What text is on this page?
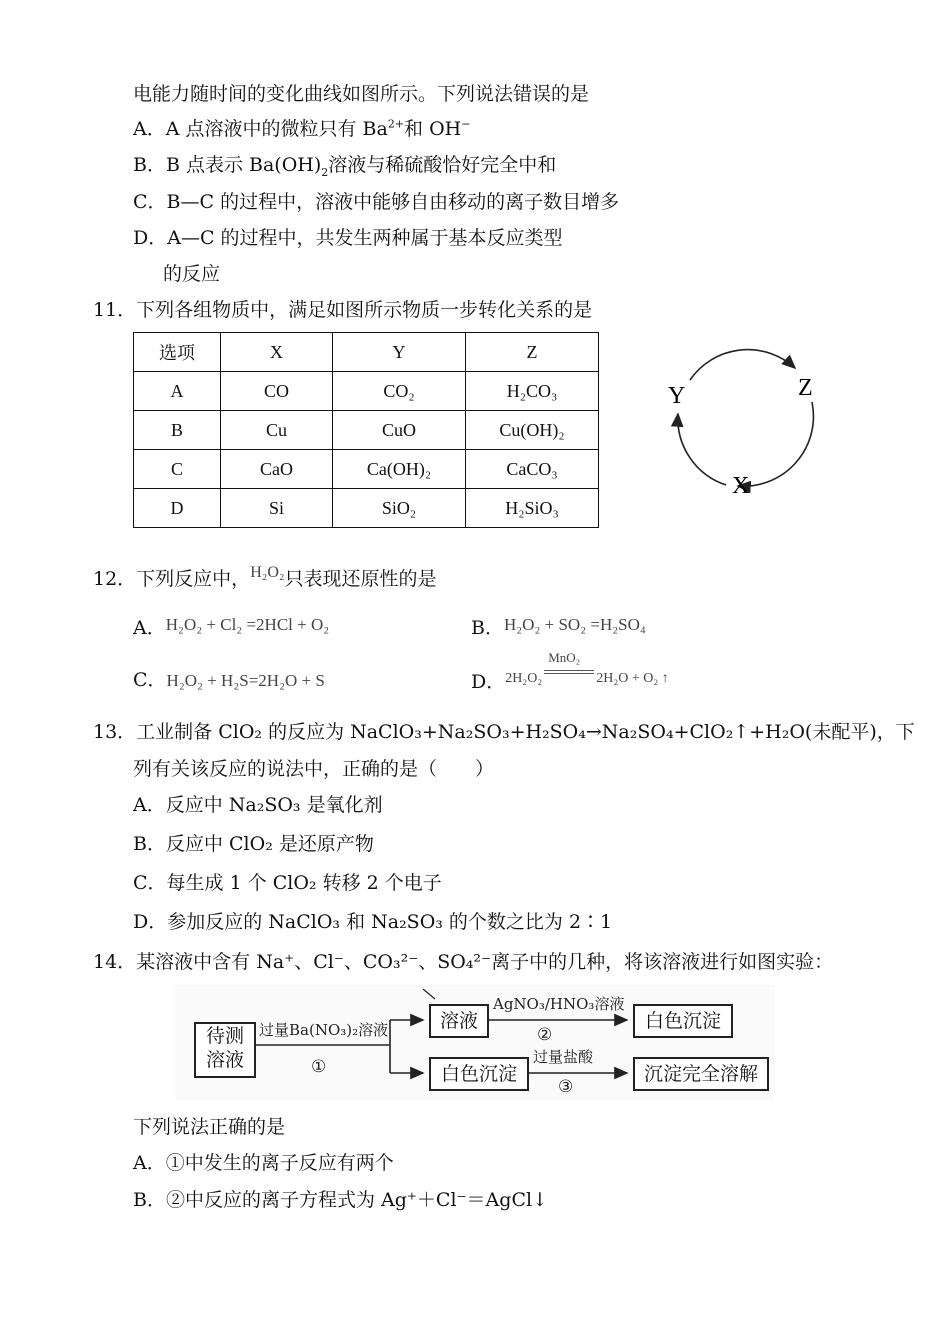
电能力随时间的变化曲线如图所示。下列说法错误的是
A．A 点溶液中的微粒只有 $Ba^{2+}$和 OH−
B．B 点表示 $Ba(OH)_2$溶液与稀硫酸恰好完全中和
C．B—C 的过程中，溶液中能够自由移动的离子数目增多
D．A—C 的过程中，共发生两种属于基本反应类型
的反应
11．下列各组物质中，满足如图所示物质一步转化关系的是
选项	X	Y	Z
A	CO	CO₂	H₂CO₃
B	Cu	CuO	Cu(OH)₂
C	CaO	Ca(OH)₂	CaCO₃
D	Si	SiO₂	H₂SiO₃
Y	Z
X
12．下列反应中，$^{H_2O_2}$只表现还原性的是
A．H₂O₂ + Cl₂ =2HCl + O₂	B．H₂O₂ + SO₂ =H₂SO₄
C．H₂O₂ + H₂S=2H₂O + S	D．$^{2H_2O_2}$
MnO₂
$^{2H_2O + O_2 ↑}$
13．工业制备 ClO₂ 的反应为 NaClO₃+Na₂SO₃+H₂SO₄→Na₂SO₄+ClO₂↑+H₂O(未配平)，下
列有关该反应的说法中，正确的是（　　）
A．反应中 Na₂SO₃ 是氧化剂
B．反应中 ClO₂ 是还原产物
C．每生成 1 个 ClO₂ 转移 2 个电子
D．参加反应的 NaClO₃ 和 Na₂SO₃ 的个数之比为 2∶1
14．某溶液中含有 Na⁺、Cl⁻、CO₃²⁻、SO₄²⁻离子中的几种，将该溶液进行如图实验：
待测
溶液
过量Ba(NO₃)₂溶液
①
溶液
AgNO₃/HNO₃溶液
②
白色沉淀
白色沉淀
过量盐酸
③
沉淀完全溶解
下列说法正确的是
A．①中发生的离子反应有两个
B．②中反应的离子方程式为 Ag⁺＋Cl⁻＝AgCl↓
